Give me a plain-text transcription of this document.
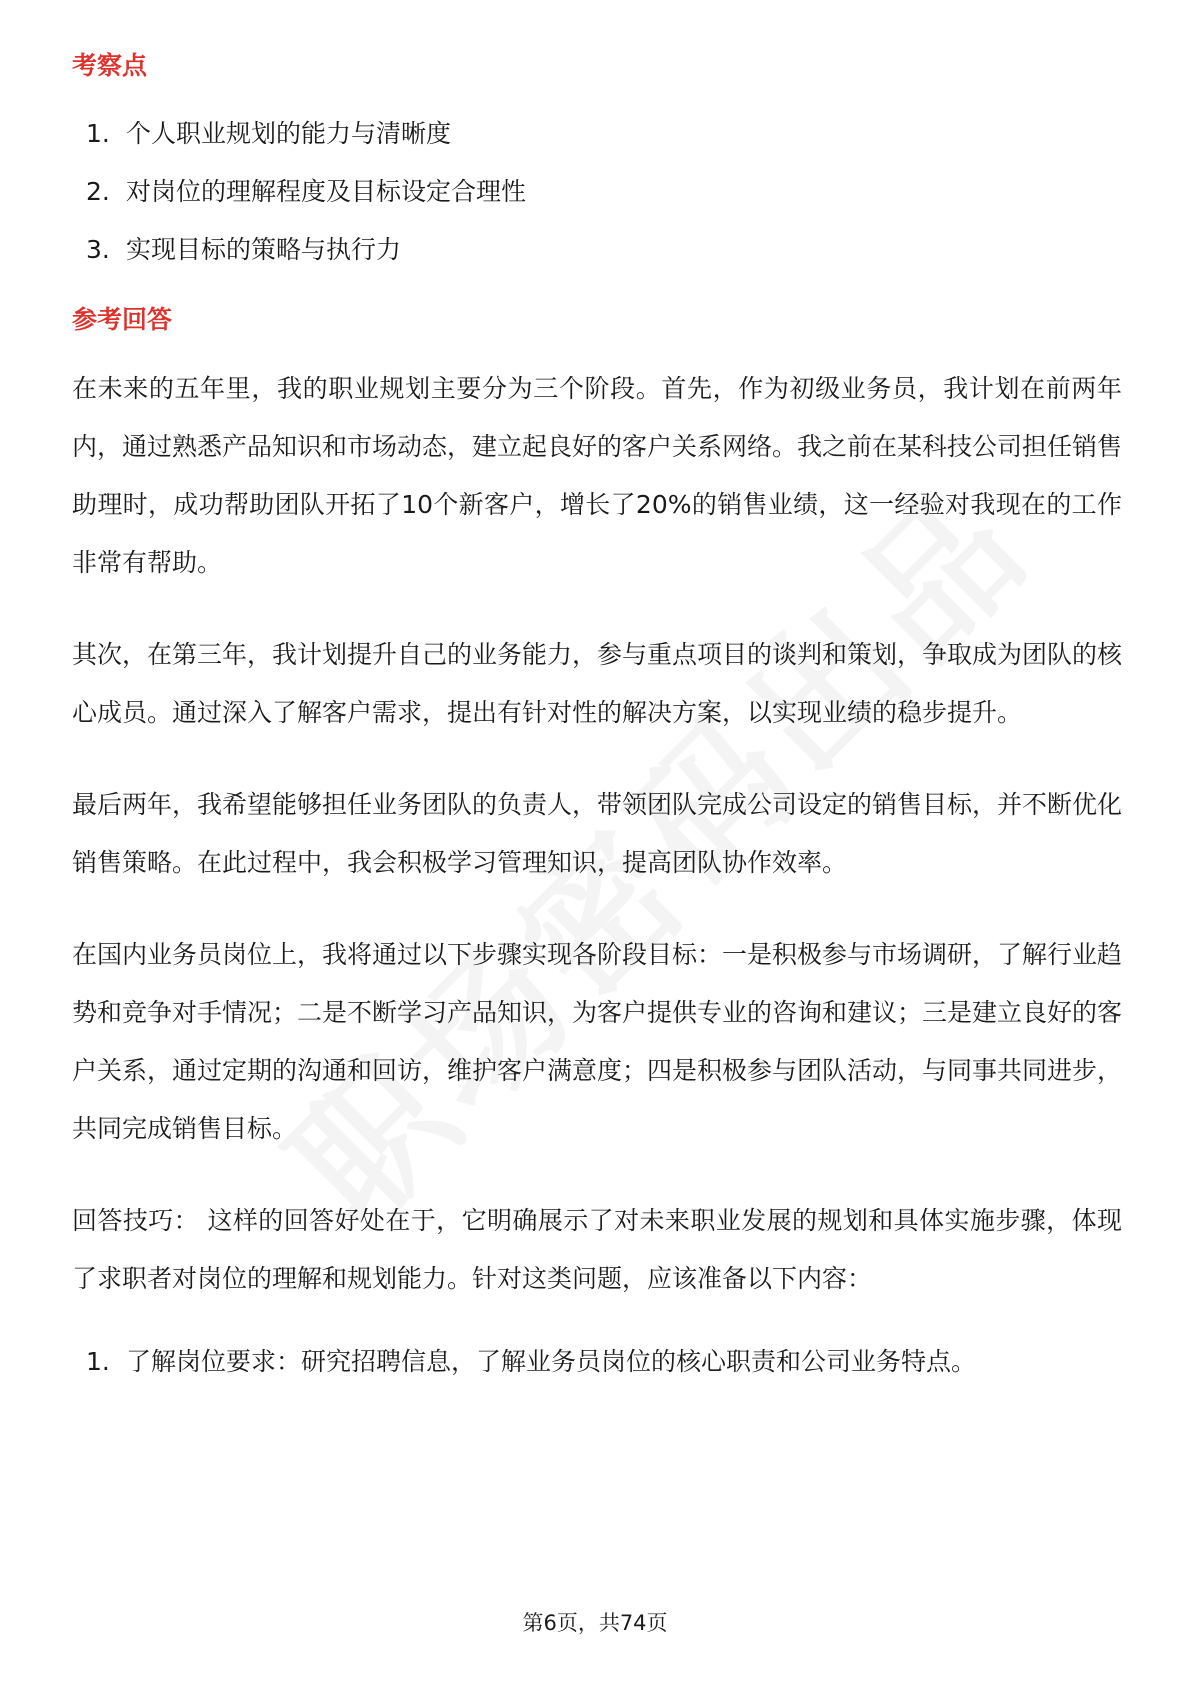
考察点
1. 个人职业规划的能力与清晰度
2. 对岗位的理解程度及目标设定合理性
3. 实现目标的策略与执行力
参考回答

在未来的五年里，我的职业规划主要分为三个阶段。首先，作为初级业务员，我计划在前两年内，通过熟悉产品知识和市场动态，建立起良好的客户关系网络。我之前在某科技公司担任销售助理时，成功帮助团队开拓了10个新客户，增长了20%的销售业绩，这一经验对我现在的工作非常有帮助。

其次，在第三年，我计划提升自己的业务能力，参与重点项目的谈判和策划，争取成为团队的核心成员。通过深入了解客户需求，提出有针对性的解决方案，以实现业绩的稳步提升。

最后两年，我希望能够担任业务团队的负责人，带领团队完成公司设定的销售目标，并不断优化销售策略。在此过程中，我会积极学习管理知识，提高团队协作效率。

在国内业务员岗位上，我将通过以下步骤实现各阶段目标：一是积极参与市场调研，了解行业趋势和竞争对手情况；二是不断学习产品知识，为客户提供专业的咨询和建议；三是建立良好的客户关系，通过定期的沟通和回访，维护客户满意度；四是积极参与团队活动，与同事共同进步，共同完成销售目标。

回答技巧： 这样的回答好处在于，它明确展示了对未来职业发展的规划和具体实施步骤，体现了求职者对岗位的理解和规划能力。针对这类问题，应该准备以下内容：

1. 了解岗位要求：研究招聘信息，了解业务员岗位的核心职责和公司业务特点。
第6页，共74页
